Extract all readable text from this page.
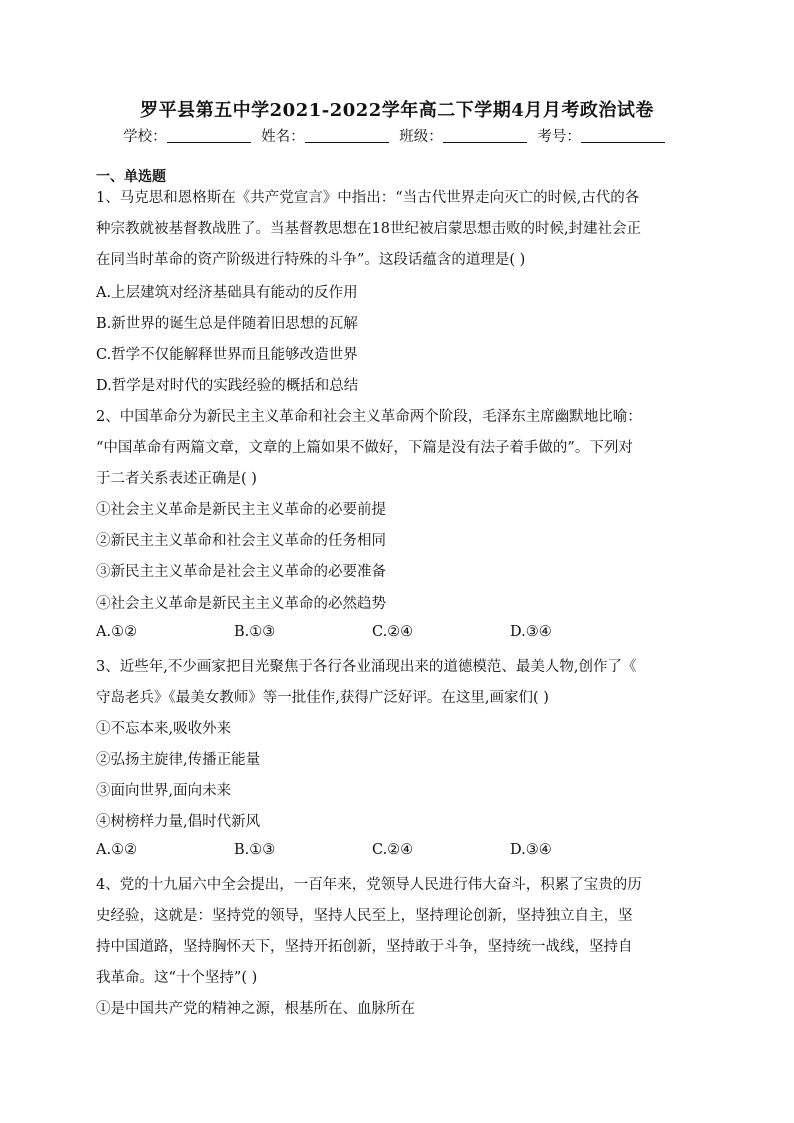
罗平县第五中学2021-2022学年高二下学期4月月考政治试卷
学校：	姓名：	班级：	考号：
一、单选题
1、马克思和恩格斯在《共产党宣言》中指出：“当古代世界走向灭亡的时候,古代的各
种宗教就被基督教战胜了。当基督教思想在18世纪被启蒙思想击败的时候,封建社会正
在同当时革命的资产阶级进行特殊的斗争”。这段话蕴含的道理是( )
A.上层建筑对经济基础具有能动的反作用
B.新世界的诞生总是伴随着旧思想的瓦解
C.哲学不仅能解释世界而且能够改造世界
D.哲学是对时代的实践经验的概括和总结
2、中国革命分为新民主主义革命和社会主义革命两个阶段，毛泽东主席幽默地比喻：
“中国革命有两篇文章，文章的上篇如果不做好，下篇是没有法子着手做的”。下列对
于二者关系表述正确是( )
①社会主义革命是新民主主义革命的必要前提
②新民主主义革命和社会主义革命的任务相同
③新民主主义革命是社会主义革命的必要准备
④社会主义革命是新民主主义革命的必然趋势
A.①②	B.①③	C.②④	D.③④
3、近些年,不少画家把目光聚焦于各行各业涌现出来的道德模范、最美人物,创作了《
守岛老兵》《最美女教师》等一批佳作,获得广泛好评。在这里,画家们( )
①不忘本来,吸收外来
②弘扬主旋律,传播正能量
③面向世界,面向未来
④树榜样力量,倡时代新风
A.①②	B.①③	C.②④	D.③④
4、党的十九届六中全会提出，一百年来，党领导人民进行伟大奋斗，积累了宝贵的历
史经验，这就是：坚持党的领导，坚持人民至上，坚持理论创新，坚持独立自主，坚
持中国道路，坚持胸怀天下，坚持开拓创新，坚持敢于斗争，坚持统一战线，坚持自
我革命。这“十个坚持”( )
①是中国共产党的精神之源，根基所在、血脉所在
